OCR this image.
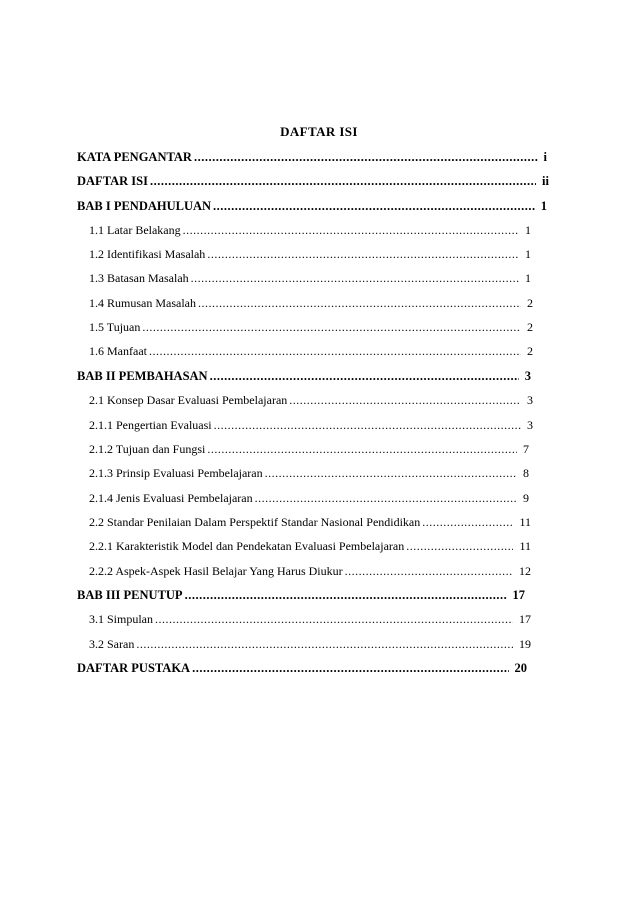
DAFTAR ISI
KATA PENGANTAR .....	i
DAFTAR ISI .....	ii
BAB I PENDAHULUAN .....	1
1.1 Latar Belakang .....	1
1.2 Identifikasi Masalah .....	1
1.3 Batasan Masalah .....	1
1.4 Rumusan Masalah .....	2
1.5 Tujuan .....	2
1.6 Manfaat .....	2
BAB II PEMBAHASAN .....	3
2.1 Konsep Dasar Evaluasi Pembelajaran .....	3
2.1.1 Pengertian Evaluasi .....	3
2.1.2 Tujuan dan Fungsi .....	7
2.1.3 Prinsip Evaluasi Pembelajaran .....	8
2.1.4 Jenis Evaluasi Pembelajaran .....	9
2.2 Standar Penilaian Dalam Perspektif Standar Nasional Pendidikan .....	11
2.2.1 Karakteristik Model dan Pendekatan Evaluasi Pembelajaran .....	11
2.2.2 Aspek-Aspek Hasil Belajar Yang Harus Diukur .....	12
BAB III PENUTUP .....	17
3.1 Simpulan .....	17
3.2 Saran .....	19
DAFTAR PUSTAKA .....	20
